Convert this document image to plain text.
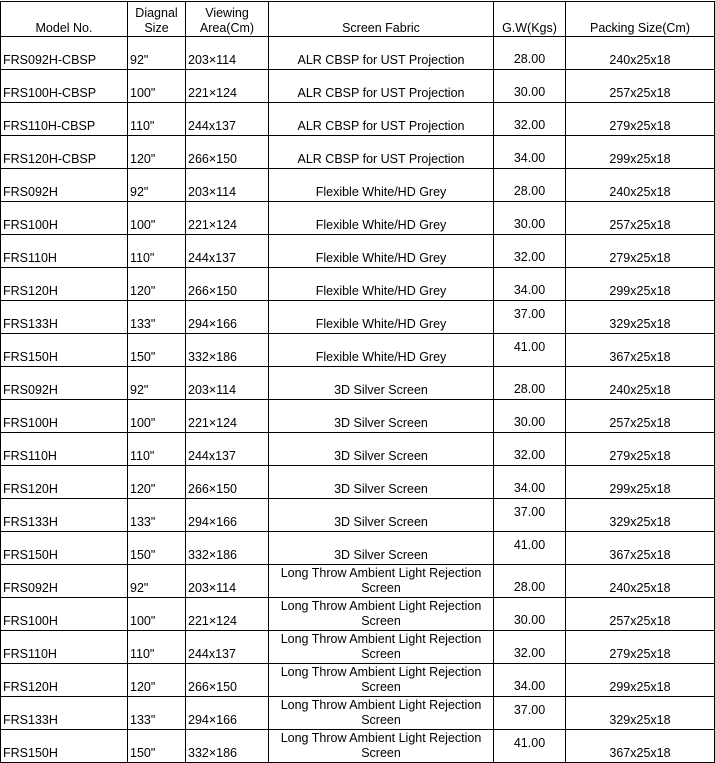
Model No.	Diagnal Size	Viewing Area(Cm)	Screen Fabric	G.W(Kgs)	Packing Size(Cm)
FRS092H-CBSP	92"	203×114	ALR CBSP for UST Projection	28.00	240x25x18
FRS100H-CBSP	100"	221×124	ALR CBSP for UST Projection	30.00	257x25x18
FRS110H-CBSP	110"	244x137	ALR CBSP for UST Projection	32.00	279x25x18
FRS120H-CBSP	120"	266×150	ALR CBSP for UST Projection	34.00	299x25x18
FRS092H	92"	203×114	Flexible White/HD Grey	28.00	240x25x18
FRS100H	100"	221×124	Flexible White/HD Grey	30.00	257x25x18
FRS110H	110"	244x137	Flexible White/HD Grey	32.00	279x25x18
FRS120H	120"	266×150	Flexible White/HD Grey	34.00	299x25x18
FRS133H	133"	294×166	Flexible White/HD Grey	37.00	329x25x18
FRS150H	150"	332×186	Flexible White/HD Grey	41.00	367x25x18
FRS092H	92"	203×114	3D Silver Screen	28.00	240x25x18
FRS100H	100"	221×124	3D Silver Screen	30.00	257x25x18
FRS110H	110"	244x137	3D Silver Screen	32.00	279x25x18
FRS120H	120"	266×150	3D Silver Screen	34.00	299x25x18
FRS133H	133"	294×166	3D Silver Screen	37.00	329x25x18
FRS150H	150"	332×186	3D Silver Screen	41.00	367x25x18
FRS092H	92"	203×114	Long Throw Ambient Light Rejection Screen	28.00	240x25x18
FRS100H	100"	221×124	Long Throw Ambient Light Rejection Screen	30.00	257x25x18
FRS110H	110"	244x137	Long Throw Ambient Light Rejection Screen	32.00	279x25x18
FRS120H	120"	266×150	Long Throw Ambient Light Rejection Screen	34.00	299x25x18
FRS133H	133"	294×166	Long Throw Ambient Light Rejection Screen	37.00	329x25x18
FRS150H	150"	332×186	Long Throw Ambient Light Rejection Screen	41.00	367x25x18
